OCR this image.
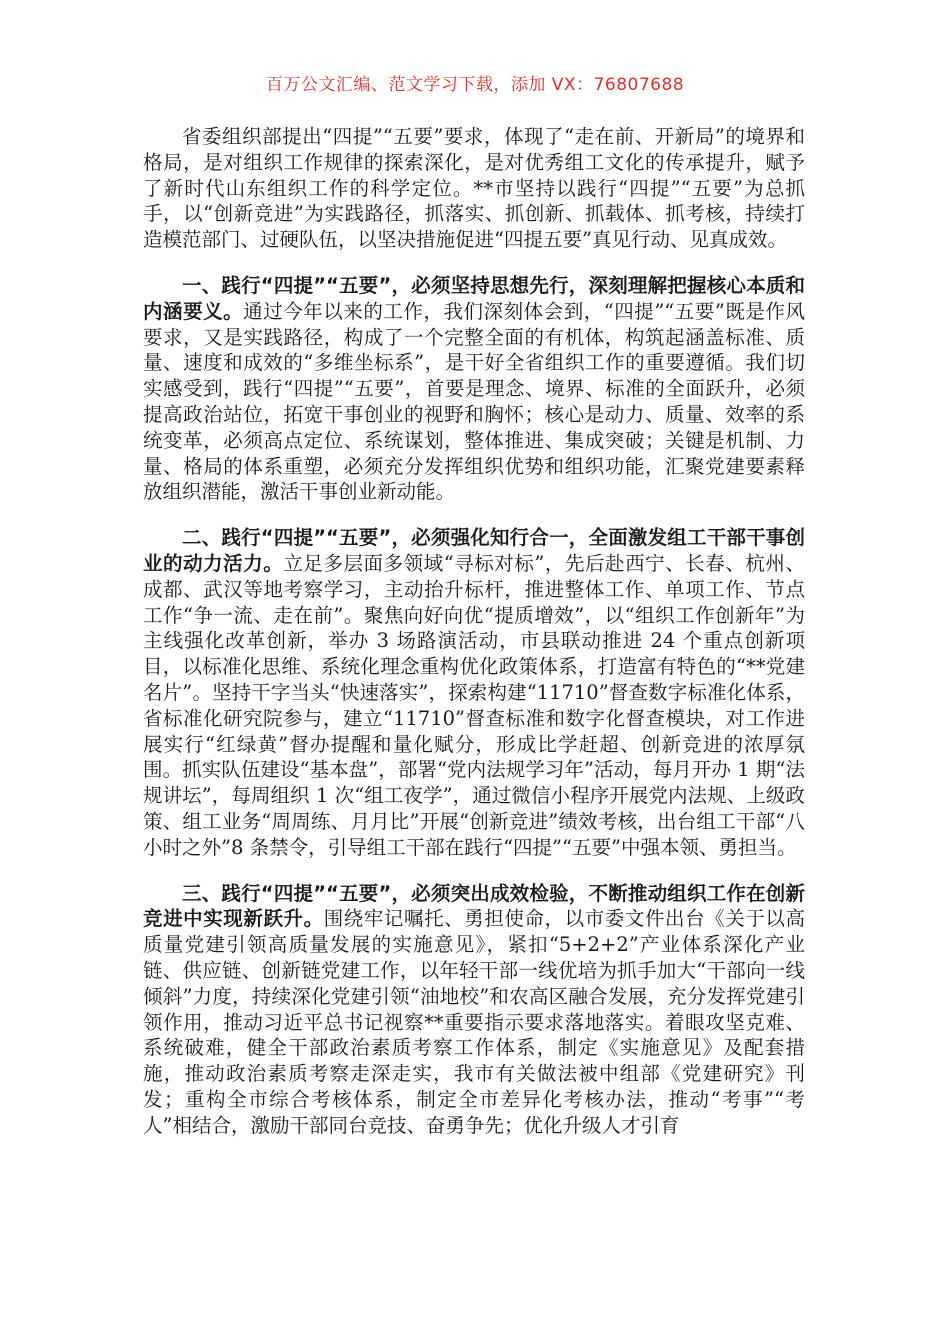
百万公文汇编、范文学习下载，添加 VX：76807688

省委组织部提出“四提”“五要”要求，体现了“走在前、开新局”的境界和格局，是对组织工作规律的探索深化，是对优秀组工文化的传承提升，赋予了新时代山东组织工作的科学定位。**市坚持以践行“四提”“五要”为总抓手，以“创新竞进”为实践路径，抓落实、抓创新、抓载体、抓考核，持续打造模范部门、过硬队伍，以坚决措施促进“四提五要”真见行动、见真成效。

一、践行“四提”“五要”，必须坚持思想先行，深刻理解把握核心本质和内涵要义。通过今年以来的工作，我们深刻体会到，“四提”“五要”既是作风要求，又是实践路径，构成了一个完整全面的有机体，构筑起涵盖标准、质量、速度和成效的“多维坐标系”，是干好全省组织工作的重要遵循。我们切实感受到，践行“四提”“五要”，首要是理念、境界、标准的全面跃升，必须提高政治站位，拓宽干事创业的视野和胸怀；核心是动力、质量、效率的系统变革，必须高点定位、系统谋划，整体推进、集成突破；关键是机制、力量、格局的体系重塑，必须充分发挥组织优势和组织功能，汇聚党建要素释放组织潜能，激活干事创业新动能。

二、践行“四提”“五要”，必须强化知行合一，全面激发组工干部干事创业的动力活力。立足多层面多领域“寻标对标”，先后赴西宁、长春、杭州、成都、武汉等地考察学习，主动抬升标杆，推进整体工作、单项工作、节点工作“争一流、走在前”。聚焦向好向优“提质增效”，以“组织工作创新年”为主线强化改革创新，举办 3 场路演活动，市县联动推进 24 个重点创新项目，以标准化思维、系统化理念重构优化政策体系，打造富有特色的“**党建名片”。坚持干字当头“快速落实”，探索构建“11710”督查数字标准化体系，省标准化研究院参与，建立“11710”督查标准和数字化督查模块，对工作进展实行“红绿黄”督办提醒和量化赋分，形成比学赶超、创新竞进的浓厚氛围。抓实队伍建设“基本盘”，部署“党内法规学习年”活动，每月开办 1 期“法规讲坛”，每周组织 1 次“组工夜学”，通过微信小程序开展党内法规、上级政策、组工业务“周周练、月月比”开展“创新竞进”绩效考核，出台组工干部“八小时之外”8 条禁令，引导组工干部在践行“四提”“五要”中强本领、勇担当。

三、践行“四提”“五要”，必须突出成效检验，不断推动组织工作在创新竞进中实现新跃升。围绕牢记嘱托、勇担使命，以市委文件出台《关于以高质量党建引领高质量发展的实施意见》，紧扣“5+2+2”产业体系深化产业链、供应链、创新链党建工作，以年轻干部一线优培为抓手加大“干部向一线倾斜”力度，持续深化党建引领“油地校”和农高区融合发展，充分发挥党建引领作用，推动习近平总书记视察**重要指示要求落地落实。着眼攻坚克难、系统破难，健全干部政治素质考察工作体系，制定《实施意见》及配套措施，推动政治素质考察走深走实，我市有关做法被中组部《党建研究》刊发；重构全市综合考核体系，制定全市差异化考核办法，推动“考事”“考人”相结合，激励干部同台竞技、奋勇争先；优化升级人才引育
